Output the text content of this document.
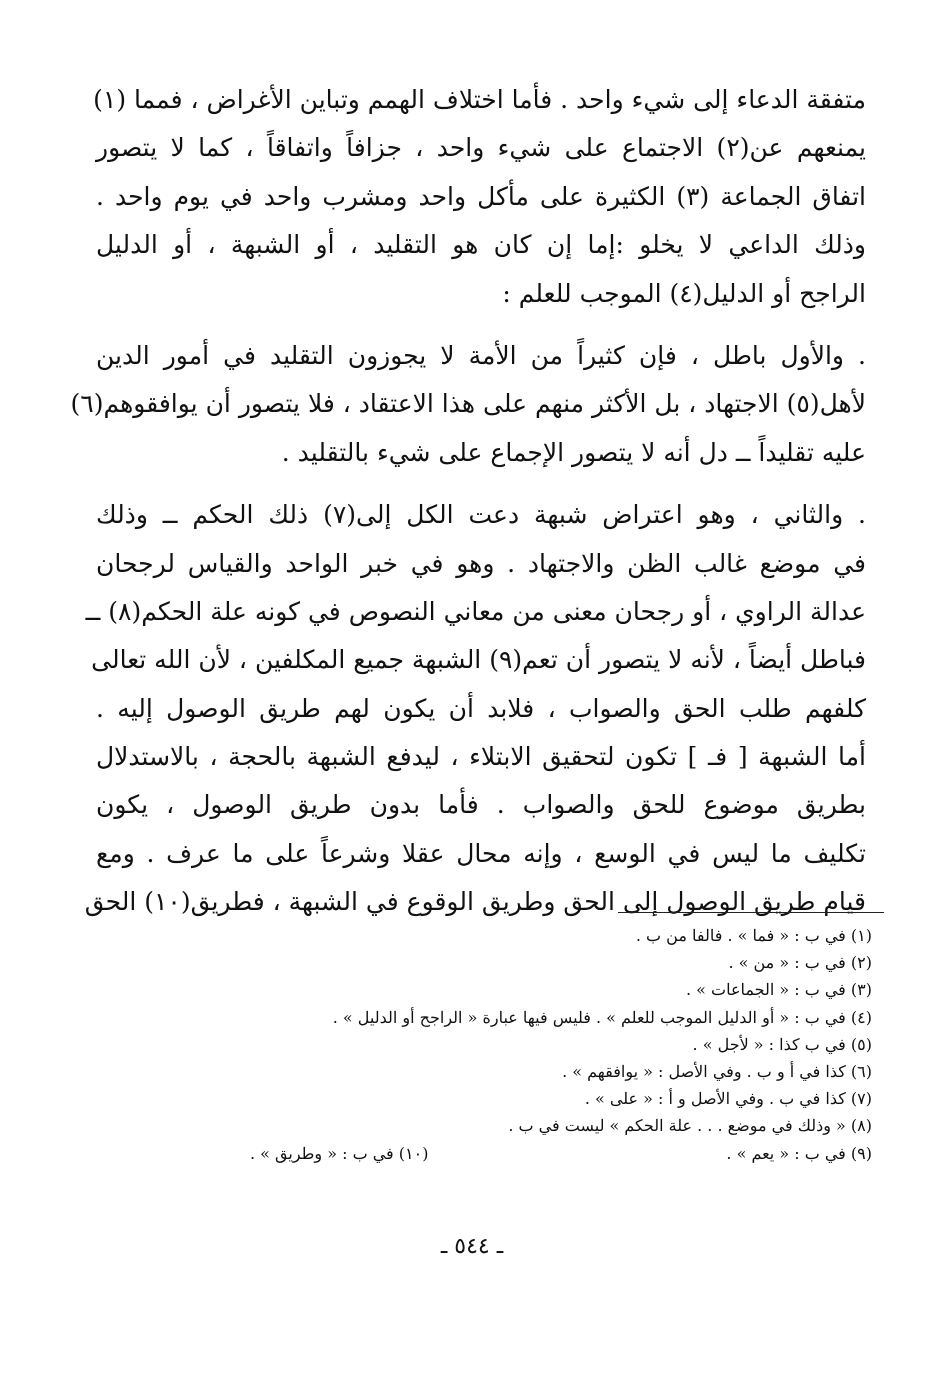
متفقة الدعاء إلى شيء واحد . فأما اختلاف الهمم وتباين الأغراض ، فمما (١)
يمنعهم عن(٢) الاجتماع على شيء واحد ، جزافاً واتفاقاً ، كما لا يتصور
اتفاق الجماعة (٣) الكثيرة على مأكل واحد ومشرب واحد في يوم واحد .
وذلك الداعي لا يخلو :إما إن كان هو التقليد ، أو الشبهة ، أو الدليل
الراجح أو الدليل(٤) الموجب للعلم :
. والأول باطل ، فإن كثيراً من الأمة لا يجوزون التقليد في أمور الدين
لأهل(٥) الاجتهاد ، بل الأكثر منهم على هذا الاعتقاد ، فلا يتصور أن يوافقوهم(٦)
عليه تقليداً ــ دل أنه لا يتصور الإجماع على شيء بالتقليد .
. والثاني ، وهو اعتراض شبهة دعت الكل إلى(٧) ذلك الحكم ــ وذلك
في موضع غالب الظن والاجتهاد . وهو في خبر الواحد والقياس لرجحان
عدالة الراوي ، أو رجحان معنى من معاني النصوص في كونه علة الحكم(٨) ــ
فباطل أيضاً ، لأنه لا يتصور أن تعم(٩) الشبهة جميع المكلفين ، لأن الله تعالى
كلفهم طلب الحق والصواب ، فلابد أن يكون لهم طريق الوصول إليه .
أما الشبهة [ فـ ] تكون لتحقيق الابتلاء ، ليدفع الشبهة بالحجة ، بالاستدلال
بطريق موضوع للحق والصواب . فأما بدون طريق الوصول ، يكون
تكليف ما ليس في الوسع ، وإنه محال عقلا وشرعاً على ما عرف . ومع
قيام طريق الوصول إلى الحق وطريق الوقوع في الشبهة ، فطريق(١٠) الحق
(١) في ب : « فما » . فالفا من ب .
(٢) في ب : « من » .
(٣) في ب : « الجماعات » .
(٤) في ب : « أو الدليل الموجب للعلم » . فليس فيها عبارة « الراجح أو الدليل » .
(٥) في ب كذا : « لأجل » .
(٦) كذا في أ و ب . وفي الأصل : « يوافقهم » .
(٧) كذا في ب . وفي الأصل و أ : « على » .
(٨) « وذلك في موضع . . . علة الحكم » ليست في ب .
(٩) في ب : « يعم » .
(١٠) في ب : « وطريق » .
ـ ٥٤٤ ـ
